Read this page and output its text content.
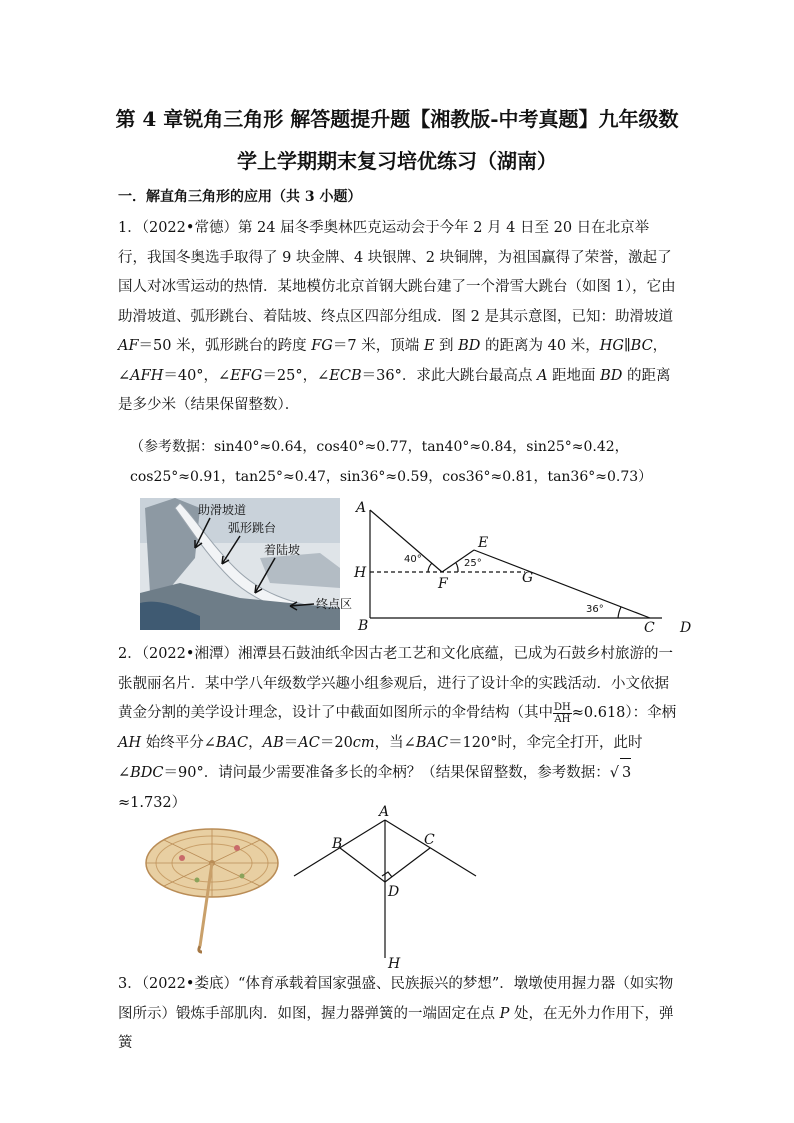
第 4 章锐角三角形 解答题提升题【湘教版-中考真题】九年级数
学上学期期末复习培优练习（湖南）
一．解直角三角形的应用（共 3 小题）
1．（2022•常德）第 24 届冬季奥林匹克运动会于今年 2 月 4 日至 20 日在北京举行，我国冬奥选手取得了 9 块金牌、4 块银牌、2 块铜牌，为祖国赢得了荣誉，激起了国人对冰雪运动的热情．某地模仿北京首钢大跳台建了一个滑雪大跳台（如图 1），它由助滑坡道、弧形跳台、着陆坡、终点区四部分组成．图 2 是其示意图，已知：助滑坡道 AF＝50 米，弧形跳台的跨度 FG＝7 米，顶端 E 到 BD 的距离为 40 米，HG∥BC，∠AFH＝40°，∠EFG＝25°，∠ECB＝36°．求此大跳台最高点 A 距地面 BD 的距离是多少米（结果保留整数）．
（参考数据：sin40°≈0.64，cos40°≈0.77，tan40°≈0.84，sin25°≈0.42，cos25°≈0.91，tan25°≈0.47，sin36°≈0.59，cos36°≈0.81，tan36°≈0.73）
助滑坡道
弧形跳台
着陆坡
终点区
A
H
B
F
E
G
C D
40°	25°
36°
2．（2022•湘潭）湘潭县石鼓油纸伞因古老工艺和文化底蕴，已成为石鼓乡村旅游的一张靓丽名片．某中学八年级数学兴趣小组参观后，进行了设计伞的实践活动．小文依据黄金分割的美学设计理念，设计了中截面如图所示的伞骨结构（其中 $\frac{DH}{AH} \approx 0.618$）：伞柄 AH 始终平分∠BAC，AB＝AC＝20cm，当∠BAC＝120°时，伞完全打开，此时∠BDC＝90°．请问最少需要准备多长的伞柄？（结果保留整数，参考数据：√ 3≈1.732）
A
B	C
D
H
3．（2022•娄底）“体育承载着国家强盛、民族振兴的梦想”．墩墩使用握力器（如实物图所示）锻炼手部肌肉．如图，握力器弹簧的一端固定在点 P 处，在无外力作用下，弹簧
